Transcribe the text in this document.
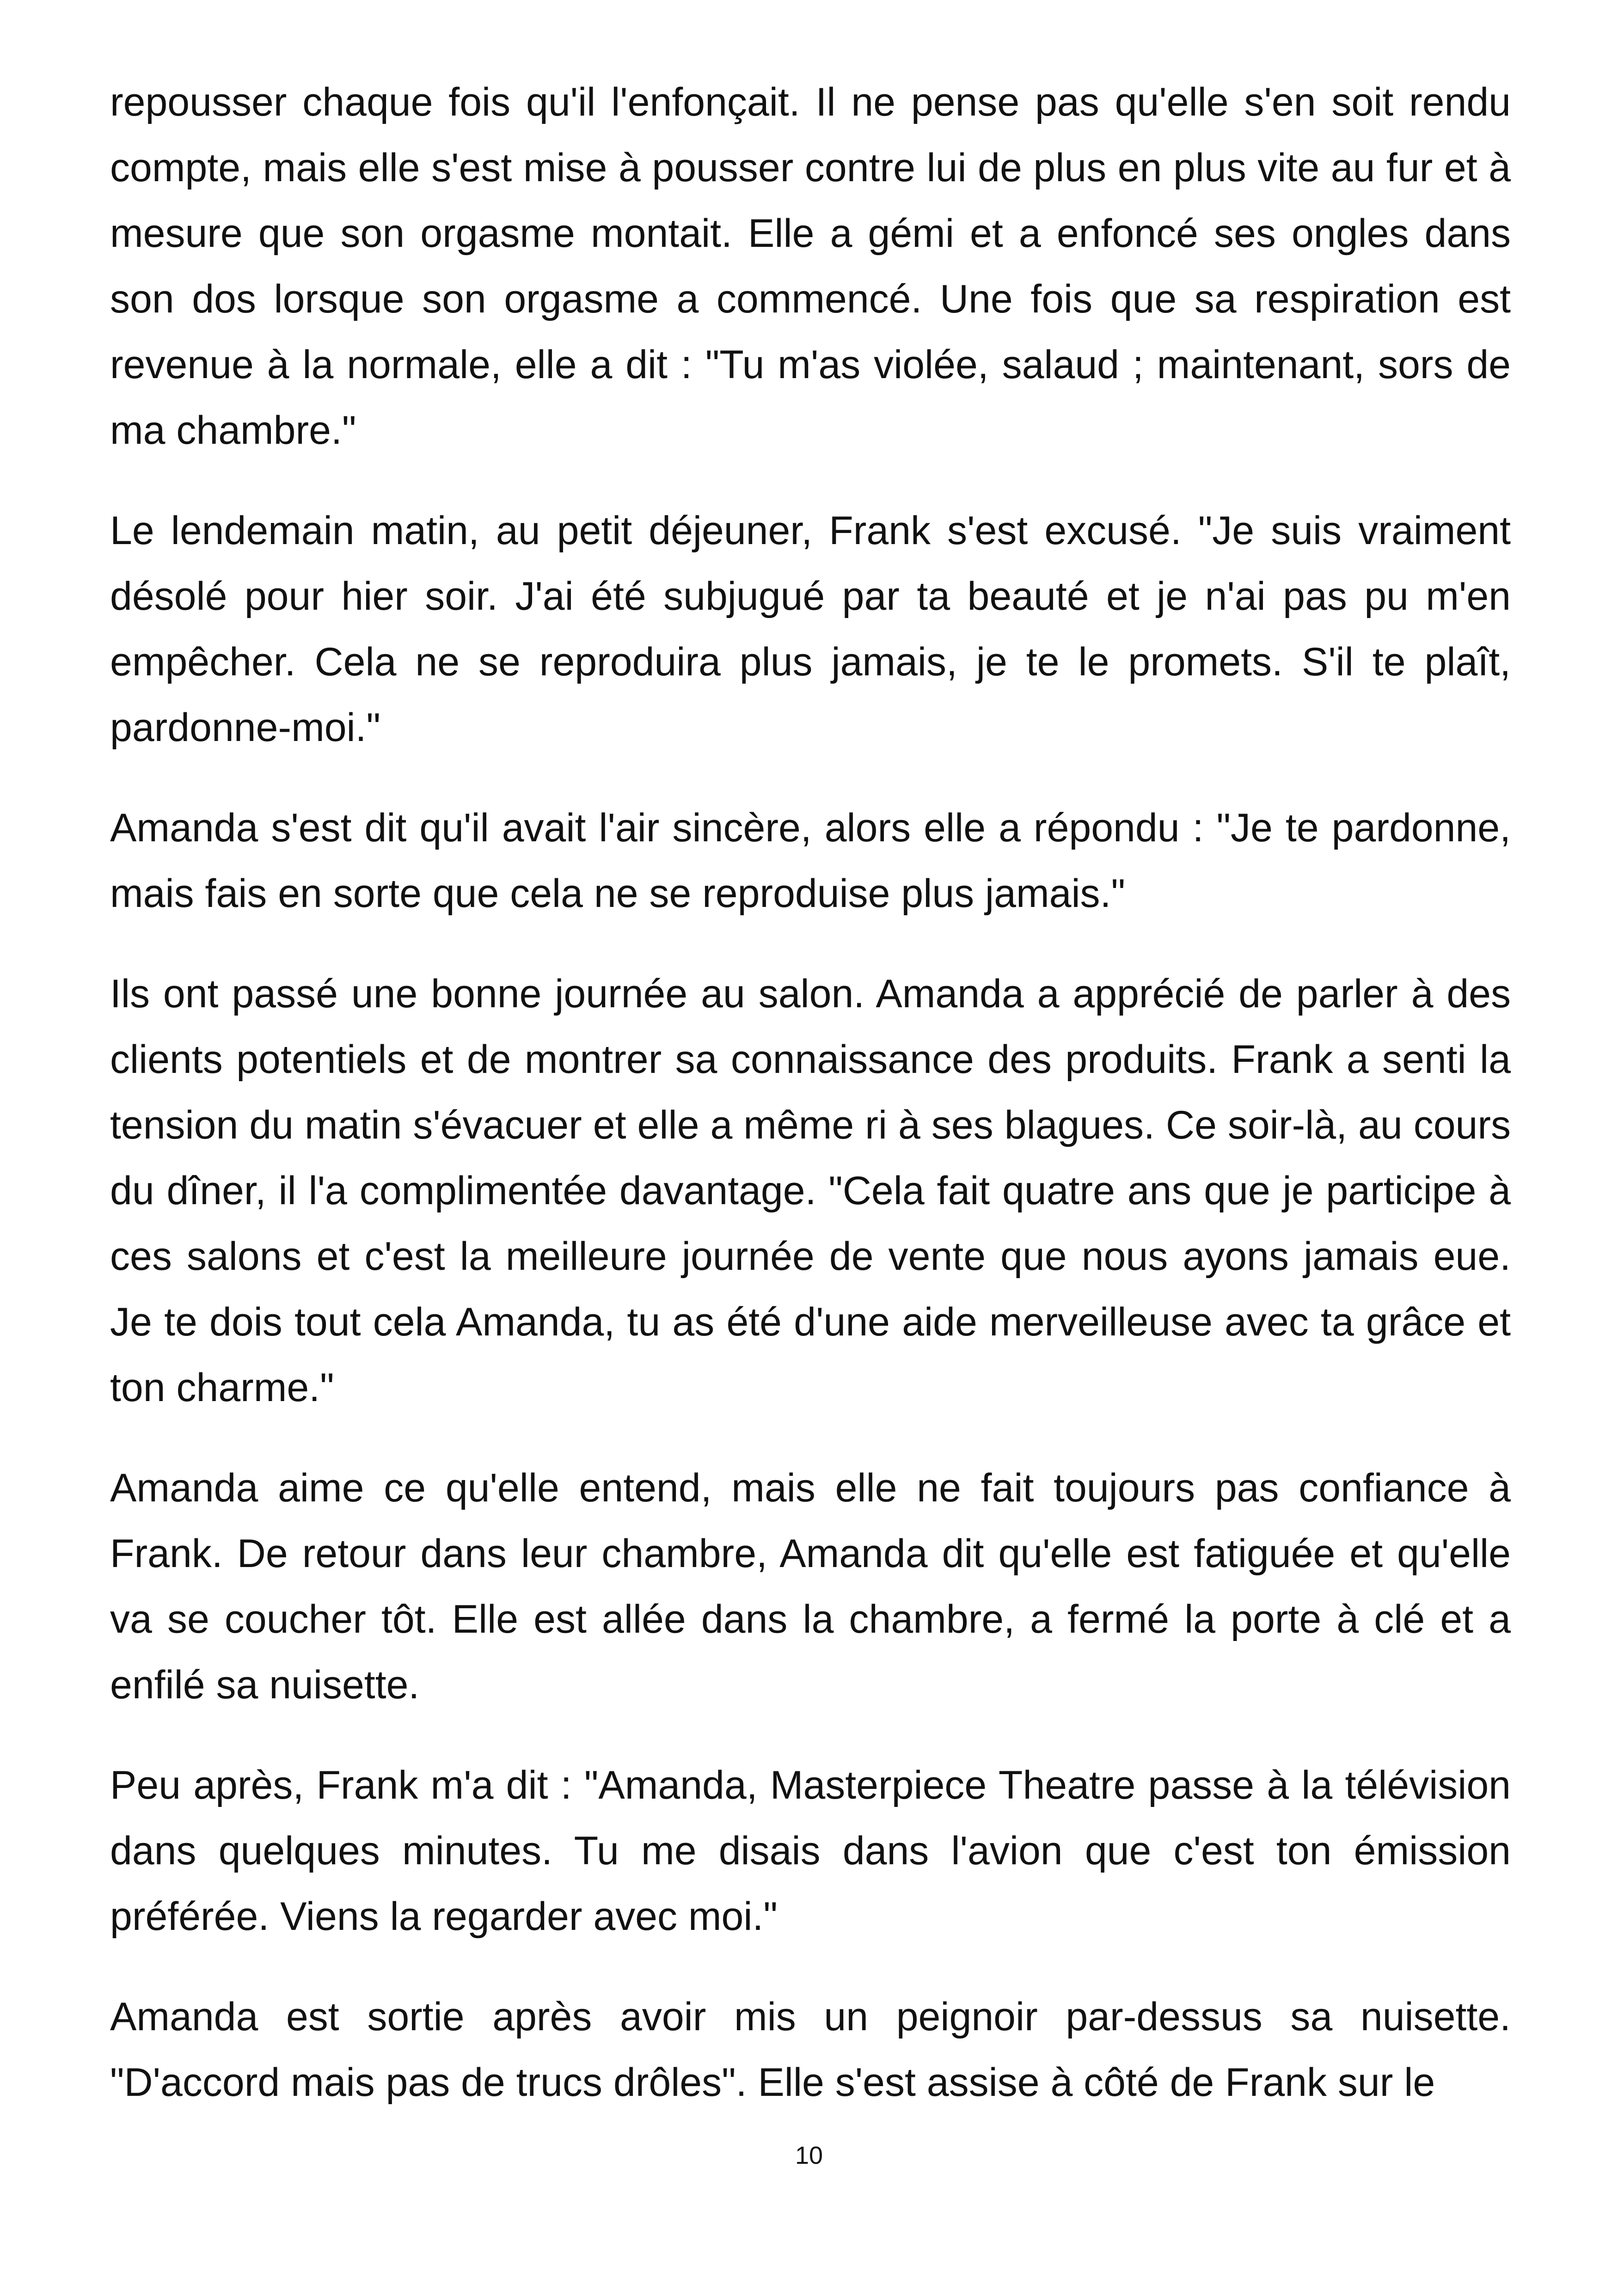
repousser chaque fois qu'il l'enfonçait. Il ne pense pas qu'elle s'en soit rendu compte, mais elle s'est mise à pousser contre lui de plus en plus vite au fur et à mesure que son orgasme montait. Elle a gémi et a enfoncé ses ongles dans son dos lorsque son orgasme a commencé. Une fois que sa respiration est revenue à la normale, elle a dit : "Tu m'as violée, salaud ; maintenant, sors de ma chambre."

Le lendemain matin, au petit déjeuner, Frank s'est excusé. "Je suis vraiment désolé pour hier soir. J'ai été subjugué par ta beauté et je n'ai pas pu m'en empêcher. Cela ne se reproduira plus jamais, je te le promets. S'il te plaît, pardonne-moi."

Amanda s'est dit qu'il avait l'air sincère, alors elle a répondu : "Je te pardonne, mais fais en sorte que cela ne se reproduise plus jamais."

Ils ont passé une bonne journée au salon. Amanda a apprécié de parler à des clients potentiels et de montrer sa connaissance des produits. Frank a senti la tension du matin s'évacuer et elle a même ri à ses blagues. Ce soir-là, au cours du dîner, il l'a complimentée davantage. "Cela fait quatre ans que je participe à ces salons et c'est la meilleure journée de vente que nous ayons jamais eue. Je te dois tout cela Amanda, tu as été d'une aide merveilleuse avec ta grâce et ton charme."

Amanda aime ce qu'elle entend, mais elle ne fait toujours pas confiance à Frank. De retour dans leur chambre, Amanda dit qu'elle est fatiguée et qu'elle va se coucher tôt. Elle est allée dans la chambre, a fermé la porte à clé et a enfilé sa nuisette.

Peu après, Frank m'a dit : "Amanda, Masterpiece Theatre passe à la télévision dans quelques minutes. Tu me disais dans l'avion que c'est ton émission préférée. Viens la regarder avec moi."

Amanda est sortie après avoir mis un peignoir par-dessus sa nuisette. "D'accord mais pas de trucs drôles". Elle s'est assise à côté de Frank sur le

10
